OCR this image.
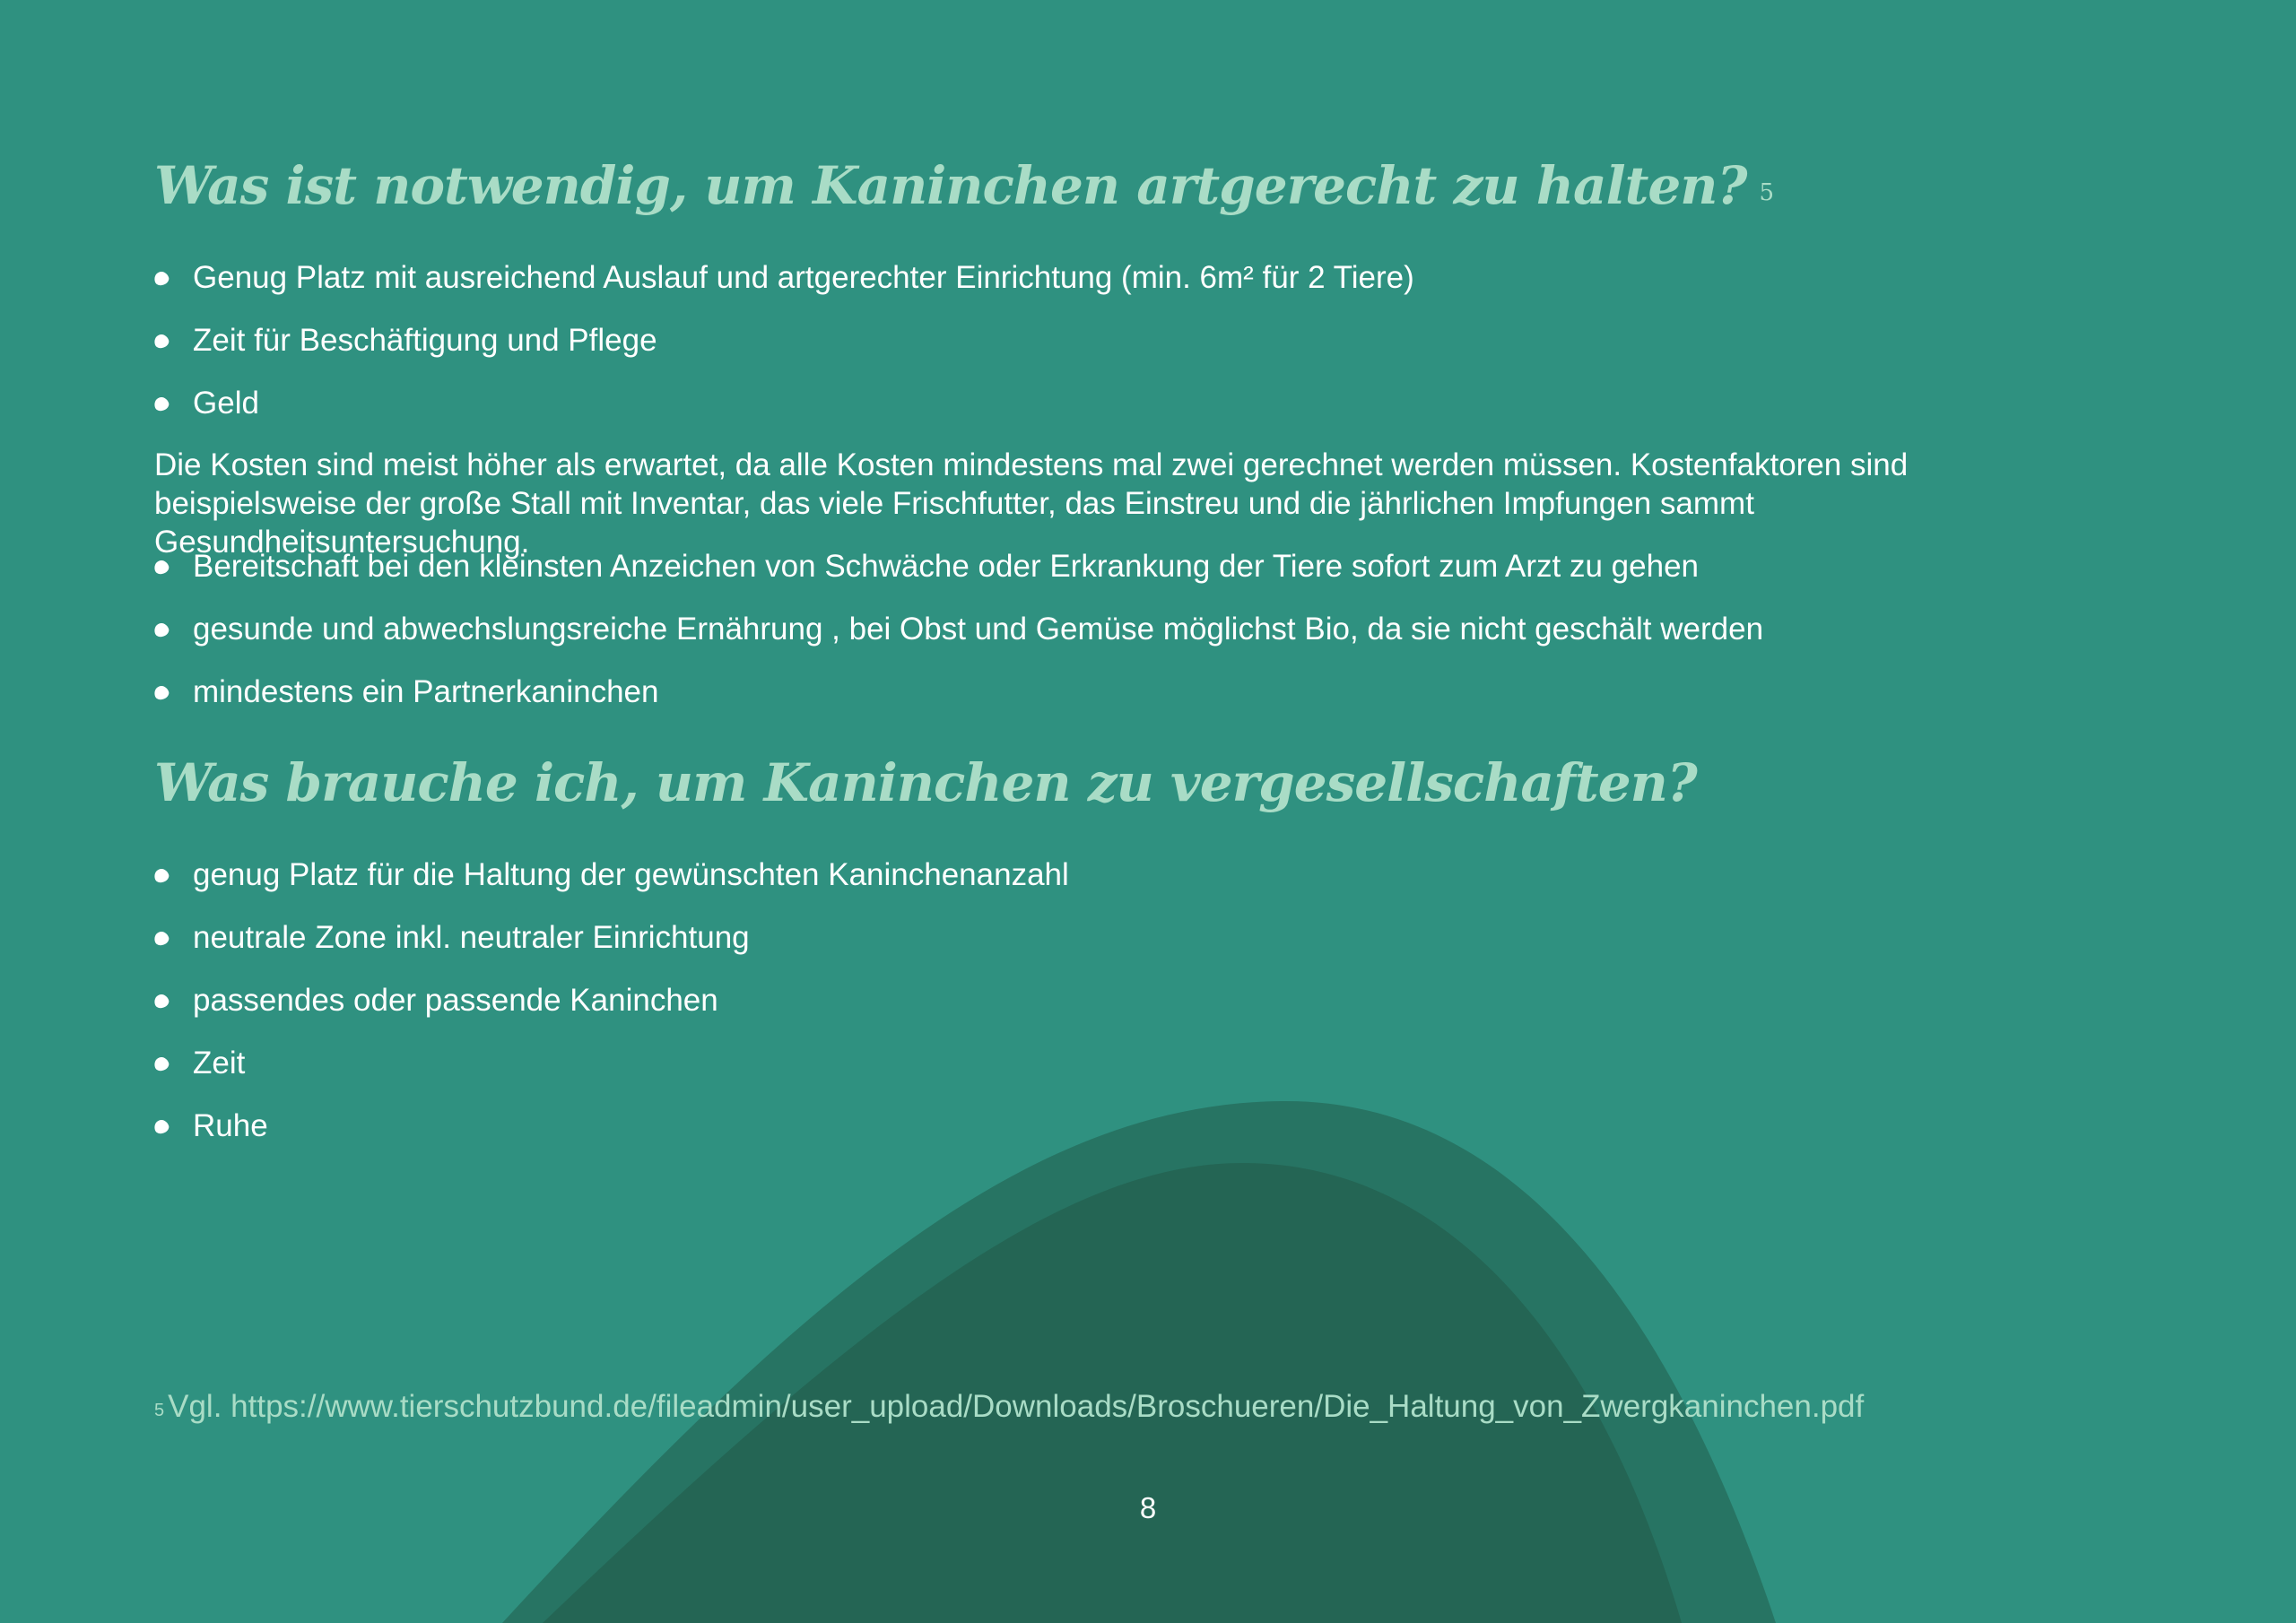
Was ist notwendig, um Kaninchen artgerecht zu halten? $^5$
Genug Platz mit ausreichend Auslauf und artgerechter Einrichtung (min. 6m² für 2 Tiere)
Zeit für Beschäftigung und Pflege
Geld

Die Kosten sind meist höher als erwartet, da alle Kosten mindestens mal zwei gerechnet werden müssen. Kostenfaktoren sind beispielsweise der große Stall mit Inventar, das viele Frischfutter, das Einstreu und die jährlichen Impfungen sammt Gesundheitsuntersuchung.

Bereitschaft bei den kleinsten Anzeichen von Schwäche oder Erkrankung der Tiere sofort zum Arzt zu gehen
gesunde und abwechslungsreiche Ernährung , bei Obst und Gemüse möglichst Bio, da sie nicht geschält werden
mindestens ein Partnerkaninchen
Was brauche ich, um Kaninchen zu vergesellschaften?
genug Platz für die Haltung der gewünschten Kaninchenanzahl
neutrale Zone inkl. neutraler Einrichtung
passendes oder passende Kaninchen
Zeit
Ruhe

$^5$ Vgl. https://www.tierschutzbund.de/fileadmin/user_upload/Downloads/Broschueren/Die_Haltung_von_Zwergkaninchen.pdf

8
